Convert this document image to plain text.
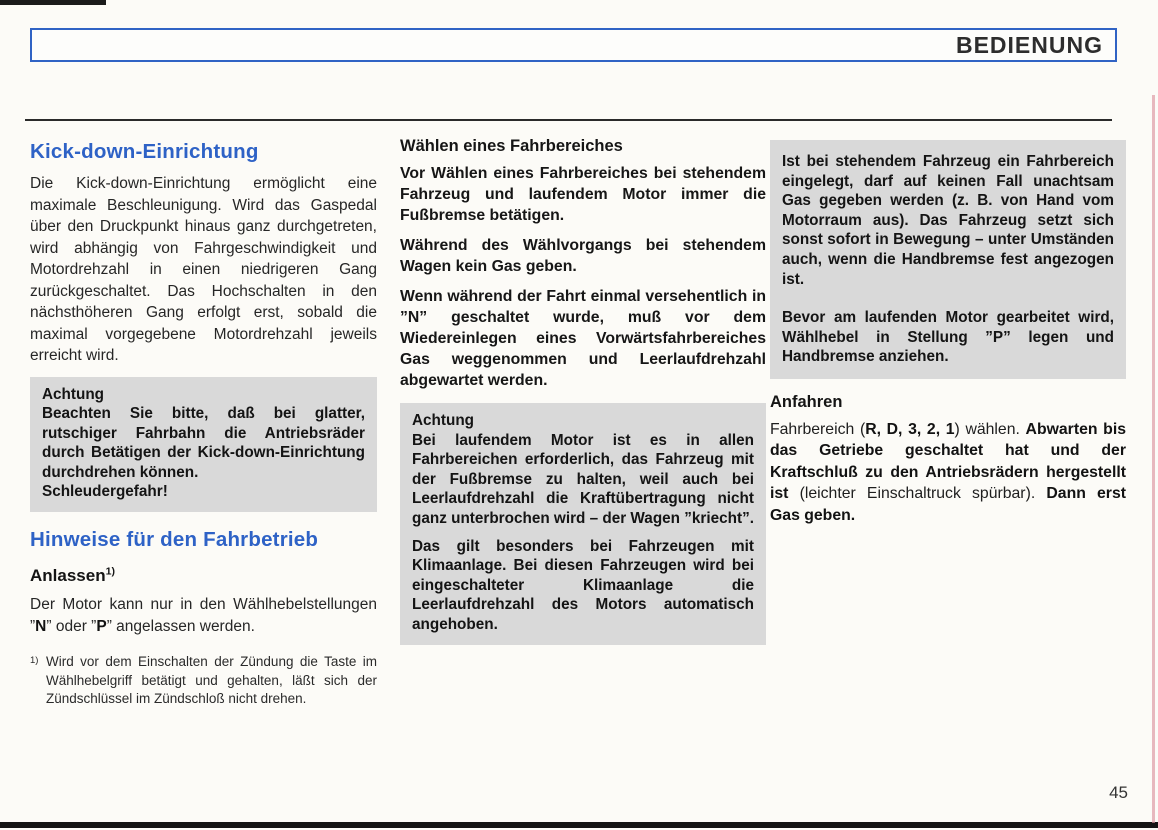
BEDIENUNG
Kick-down-Einrichtung

Die Kick-down-Einrichtung ermöglicht eine maximale Beschleunigung. Wird das Gaspedal über den Druckpunkt hinaus ganz durchgetreten, wird abhängig von Fahrgeschwindigkeit und Motordrehzahl in einen niedrigeren Gang zurückgeschaltet. Das Hochschalten in den nächsthöheren Gang erfolgt erst, sobald die maximal vorgegebene Motordrehzahl jeweils erreicht wird.

Achtung

Beachten Sie bitte, daß bei glatter, rutschiger Fahrbahn die Antriebsräder durch Betätigen der Kick-down-Einrichtung durchdrehen können.

Schleudergefahr!

Hinweise für den Fahrbetrieb
Anlassen$^{1)}$

Der Motor kann nur in den Wählhebelstellungen ”N” oder ”P” angelassen werden.

1) Wird vor dem Einschalten der Zündung die Taste im Wählhebelgriff betätigt und gehalten, läßt sich der Zündschlüssel im Zündschloß nicht drehen.
Wählen eines Fahrbereiches

Vor Wählen eines Fahrbereiches bei stehendem Fahrzeug und laufendem Motor immer die Fußbremse betätigen.

Während des Wählvorgangs bei stehendem Wagen kein Gas geben.

Wenn während der Fahrt einmal versehentlich in ”N” geschaltet wurde, muß vor dem Wiedereinlegen eines Vorwärtsfahrbereiches Gas weggenommen und Leerlaufdrehzahl abgewartet werden.

Achtung

Bei laufendem Motor ist es in allen Fahrbereichen erforderlich, das Fahrzeug mit der Fußbremse zu halten, weil auch bei Leerlaufdrehzahl die Kraftübertragung nicht ganz unterbrochen wird – der Wagen ”kriecht”.

Das gilt besonders bei Fahrzeugen mit Klimaanlage. Bei diesen Fahrzeugen wird bei eingeschalteter Klimaanlage die Leerlaufdrehzahl des Motors automatisch angehoben.

Ist bei stehendem Fahrzeug ein Fahrbereich eingelegt, darf auf keinen Fall unachtsam Gas gegeben werden (z. B. von Hand vom Motorraum aus). Das Fahrzeug setzt sich sonst sofort in Bewegung – unter Umständen auch, wenn die Handbremse fest angezogen ist.

Bevor am laufenden Motor gearbeitet wird, Wählhebel in Stellung ”P” legen und Handbremse anziehen.

Anfahren

Fahrbereich (R, D, 3, 2, 1) wählen. Abwarten bis das Getriebe geschaltet hat und der Kraftschluß zu den Antriebsrädern hergestellt ist (leichter Einschaltruck spürbar). Dann erst Gas geben.

45
